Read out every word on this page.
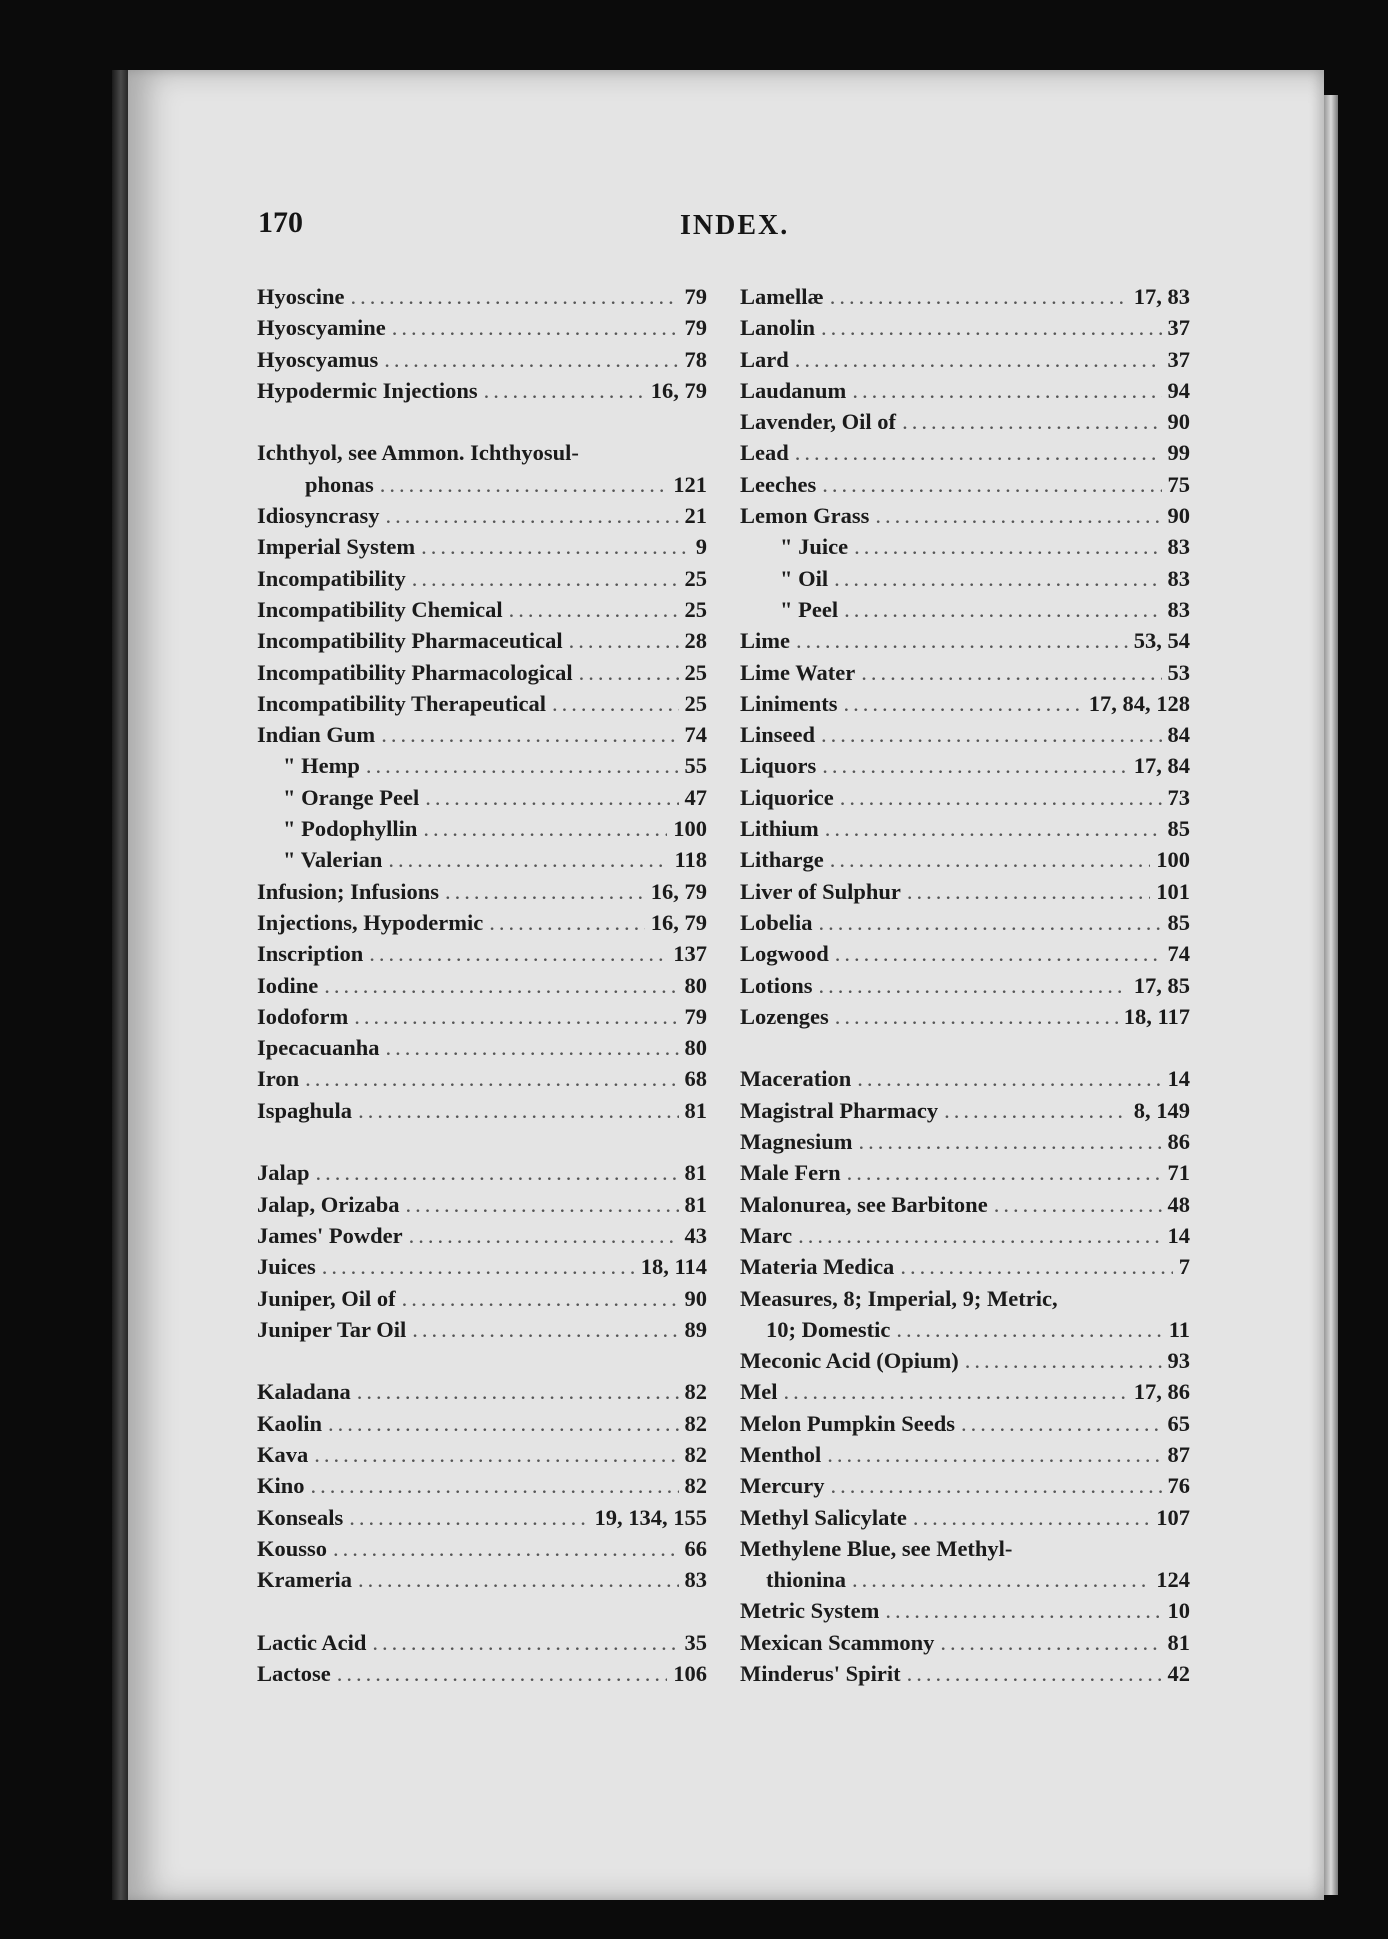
170	INDEX.
Hyoscine .....	79
Hyoscyamine .....	79
Hyoscyamus .....	78
Hypodermic Injections .....	16, 79
Ichthyol, see Ammon. Ichthyosul-
phonas .....	121
Idiosyncrasy .....	21
Imperial System .....	9
Incompatibility .....	25
Incompatibility Chemical .....	25
Incompatibility Pharmaceutical .....	28
Incompatibility Pharmacological .....	25
Incompatibility Therapeutical .....	25
Indian Gum .....	74
" Hemp .....	55
" Orange Peel .....	47
" Podophyllin .....	100
" Valerian .....	118
Infusion; Infusions .....	16, 79
Injections, Hypodermic .....	16, 79
Inscription .....	137
Iodine .....	80
Iodoform .....	79
Ipecacuanha .....	80
Iron .....	68
Ispaghula .....	81
Jalap .....	81
Jalap, Orizaba .....	81
James' Powder .....	43
Juices .....	18, 114
Juniper, Oil of .....	90
Juniper Tar Oil .....	89
Kaladana .....	82
Kaolin .....	82
Kava .....	82
Kino .....	82
Konseals .....	19, 134, 155
Kousso .....	66
Krameria .....	83
Lactic Acid .....	35
Lactose .....	106
Lamellæ .....	17, 83
Lanolin .....	37
Lard .....	37
Laudanum .....	94
Lavender, Oil of .....	90
Lead .....	99
Leeches .....	75
Lemon Grass .....	90
" Juice .....	83
" Oil .....	83
" Peel .....	83
Lime .....	53, 54
Lime Water .....	53
Liniments .....	17, 84, 128
Linseed .....	84
Liquors .....	17, 84
Liquorice .....	73
Lithium .....	85
Litharge .....	100
Liver of Sulphur .....	101
Lobelia .....	85
Logwood .....	74
Lotions .....	17, 85
Lozenges .....	18, 117
Maceration .....	14
Magistral Pharmacy .....	8, 149
Magnesium .....	86
Male Fern .....	71
Malonurea, see Barbitone .....	48
Marc .....	14
Materia Medica .....	7
Measures, 8; Imperial, 9; Metric,
10; Domestic .....	11
Meconic Acid (Opium) .....	93
Mel .....	17, 86
Melon Pumpkin Seeds .....	65
Menthol .....	87
Mercury .....	76
Methyl Salicylate .....	107
Methylene Blue, see Methyl-
thionina .....	124
Metric System .....	10
Mexican Scammony .....	81
Minderus' Spirit .....	42
